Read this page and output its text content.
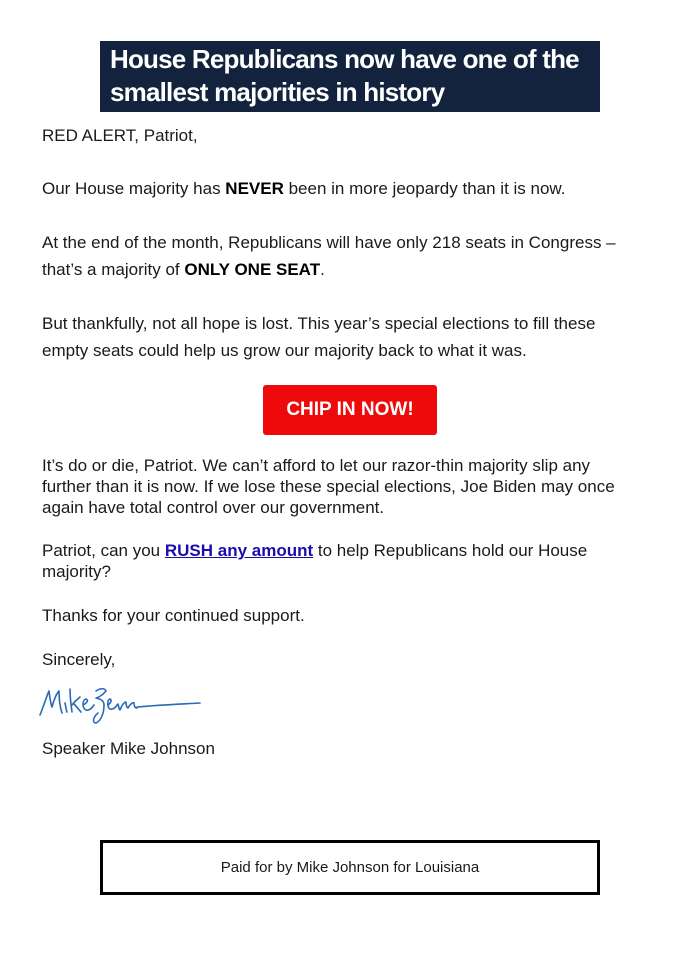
House Republicans now have one of the

smallest majorities in history

RED ALERT, Patriot,

Our House majority has NEVER been in more jeopardy than it is now.

At the end of the month, Republicans will have only 218 seats in Congress –
that’s a majority of ONLY ONE SEAT.

But thankfully, not all hope is lost. This year’s special elections to fill these
empty seats could help us grow our majority back to what it was.

CHIP IN NOW!

It’s do or die, Patriot. We can’t afford to let our razor-thin majority slip any
further than it is now. If we lose these special elections, Joe Biden may once
again have total control over our government.

Patriot, can you RUSH any amount to help Republicans hold our House
majority?

Thanks for your continued support.

Sincerely,

Mike Johnson

Speaker Mike Johnson

Paid for by Mike Johnson for Louisiana
